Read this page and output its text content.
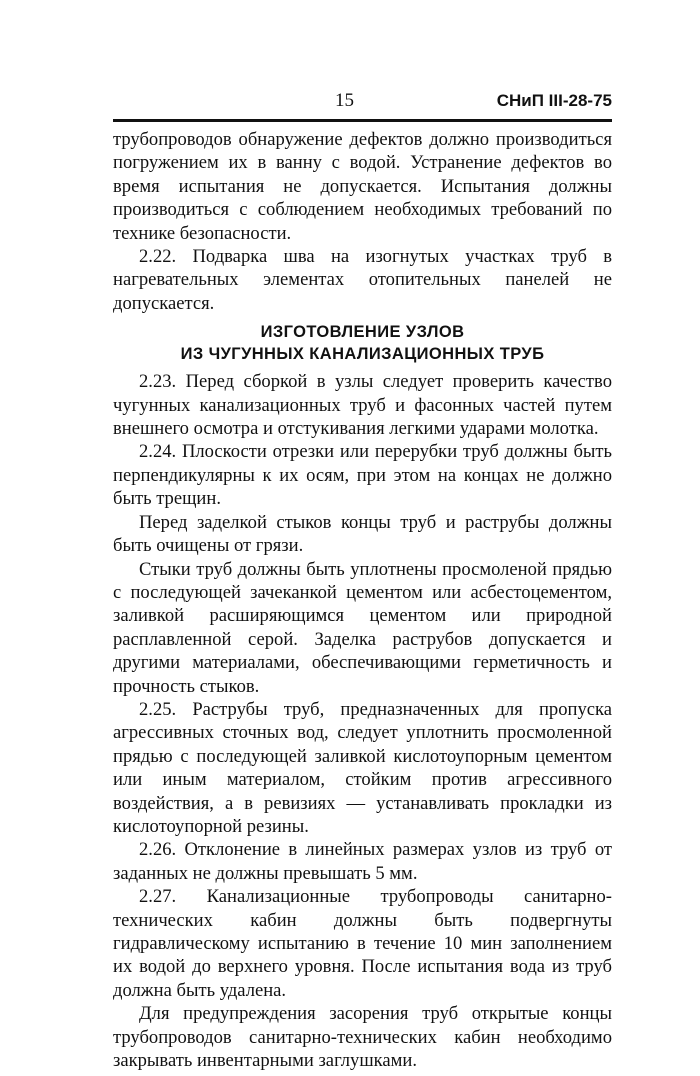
15	СНиП III-28-75

трубопроводов обнаружение дефектов должно производиться погружением их в ванну с водой. Устранение дефектов во время испытания не допускается. Испытания должны производиться с соблюдением необходимых требований по технике безопасности.

2.22. Подварка шва на изогнутых участках труб в нагревательных элементах отопительных панелей не допускается.

ИЗГОТОВЛЕНИЕ УЗЛОВ
ИЗ ЧУГУННЫХ КАНАЛИЗАЦИОННЫХ ТРУБ

2.23. Перед сборкой в узлы следует проверить качество чугунных канализационных труб и фасонных частей путем внешнего осмотра и отстукивания легкими ударами молотка.

2.24. Плоскости отрезки или перерубки труб должны быть перпендикулярны к их осям, при этом на концах не должно быть трещин.

Перед заделкой стыков концы труб и раструбы должны быть очищены от грязи.

Стыки труб должны быть уплотнены просмоленой прядью с последующей зачеканкой цементом или асбестоцементом, заливкой расширяющимся цементом или природной расплавленной серой. Заделка раструбов допускается и другими материалами, обеспечивающими герметичность и прочность стыков.

2.25. Раструбы труб, предназначенных для пропуска агрессивных сточных вод, следует уплотнить просмоленной прядью с последующей заливкой кислотоупорным цементом или иным материалом, стойким против агрессивного воздействия, а в ревизиях — устанавливать прокладки из кислотоупорной резины.

2.26. Отклонение в линейных размерах узлов из труб от заданных не должны превышать 5 мм.

2.27. Канализационные трубопроводы санитарно-технических кабин должны быть подвергнуты гидравлическому испытанию в течение 10 мин заполнением их водой до верхнего уровня. После испытания вода из труб должна быть удалена.

Для предупреждения засорения труб открытые концы трубопроводов санитарно-технических кабин необходимо закрывать инвентарными заглушками.
